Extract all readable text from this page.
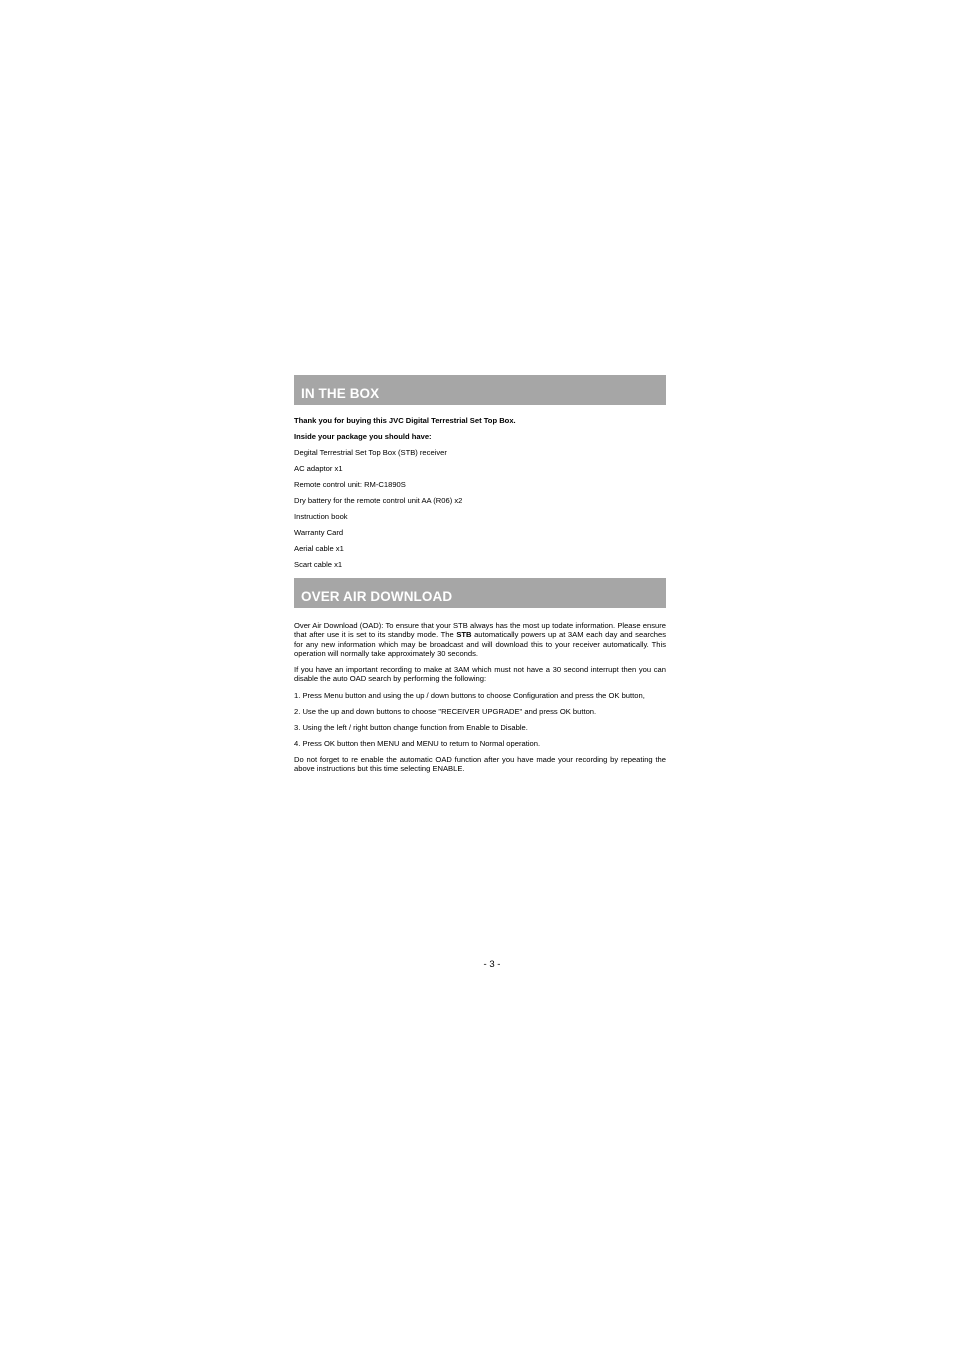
IN THE BOX

Thank you for buying this JVC Digital Terrestrial Set Top Box.

Inside your package you should have:

Degital Terrestrial Set Top Box (STB) receiver

AC adaptor x1

Remote control unit: RM-C1890S

Dry battery for the remote control unit AA (R06) x2

Instruction book

Warranty Card

Aerial cable x1

Scart cable x1

OVER AIR DOWNLOAD

Over Air Download (OAD): To ensure that your STB always has the most up todate information. Please ensure that after use it is set to its standby mode. The STB automatically powers up at 3AM each day and searches for any new information which may be broadcast and will download this to your receiver automatically. This operation will normally take approximately 30 seconds.

If you have an important recording to make at 3AM which must not have a 30 second interrupt then you can disable the auto OAD search by performing the following:

1. Press Menu button and using the up / down buttons to choose Configuration and press the OK button,

2. Use the up and down buttons to choose "RECEIVER UPGRADE" and press OK button.

3. Using the left / right button change function from Enable to Disable.

4. Press OK button then MENU and MENU to return to Normal operation.

Do not forget to re enable the automatic OAD function after you have made your recording by repeating the above instructions but this time selecting ENABLE.

- 3 -
